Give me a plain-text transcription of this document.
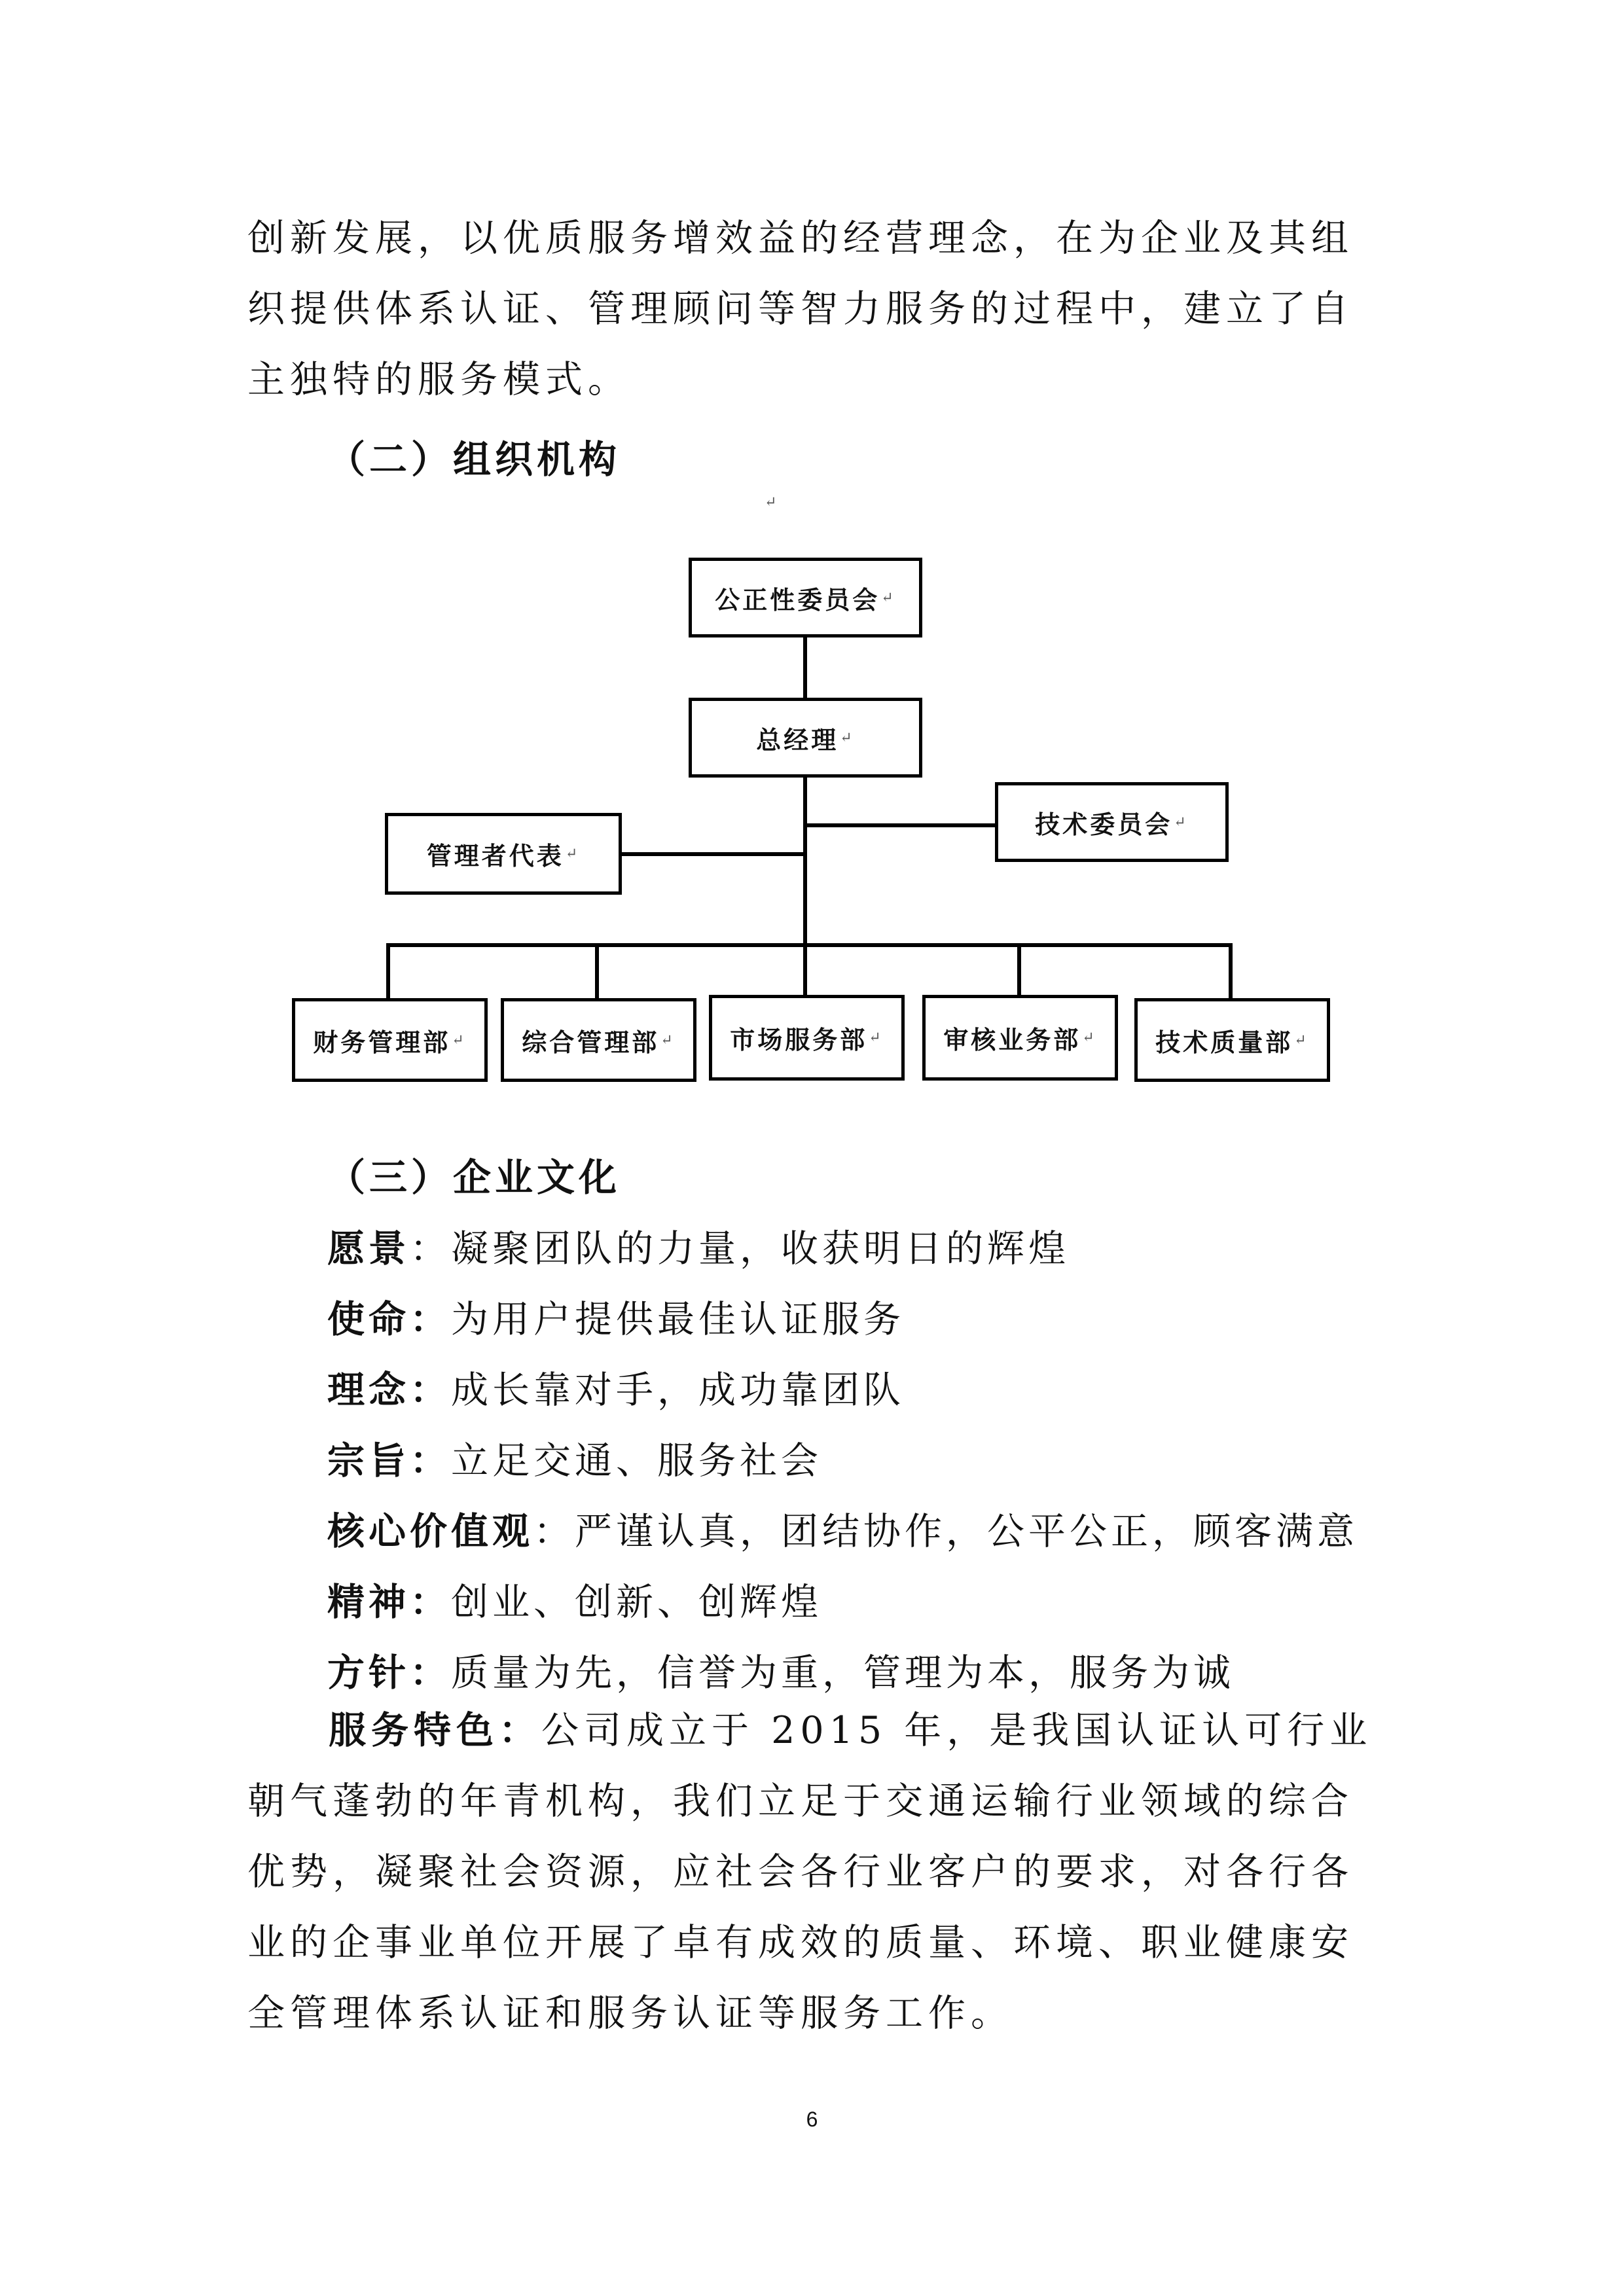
创新发展，以优质服务增效益的经营理念，在为企业及其组织提供体系认证、管理顾问等智力服务的过程中，建立了自主独特的服务模式。

（二）组织机构
↵
公正性委员会 ↵
总经理 ↵
技术委员会 ↵
管理者代表 ↵
财务管理部 ↵ 综合管理部 ↵ 市场服务部 ↵ 审核业务部 ↵ 技术质量部 ↵
（三）企业文化
愿景：凝聚团队的力量，收获明日的辉煌
使命：为用户提供最佳认证服务
理念：成长靠对手，成功靠团队
宗旨：立足交通、服务社会
核心价值观：严谨认真，团结协作，公平公正，顾客满意
精神：创业、创新、创辉煌
方针：质量为先，信誉为重，管理为本，服务为诚

服务特色：公司成立于 2015 年，是我国认证认可行业朝气蓬勃的年青机构，我们立足于交通运输行业领域的综合优势，凝聚社会资源，应社会各行业客户的要求，对各行各业的企事业单位开展了卓有成效的质量、环境、职业健康安全管理体系认证和服务认证等服务工作。

6
